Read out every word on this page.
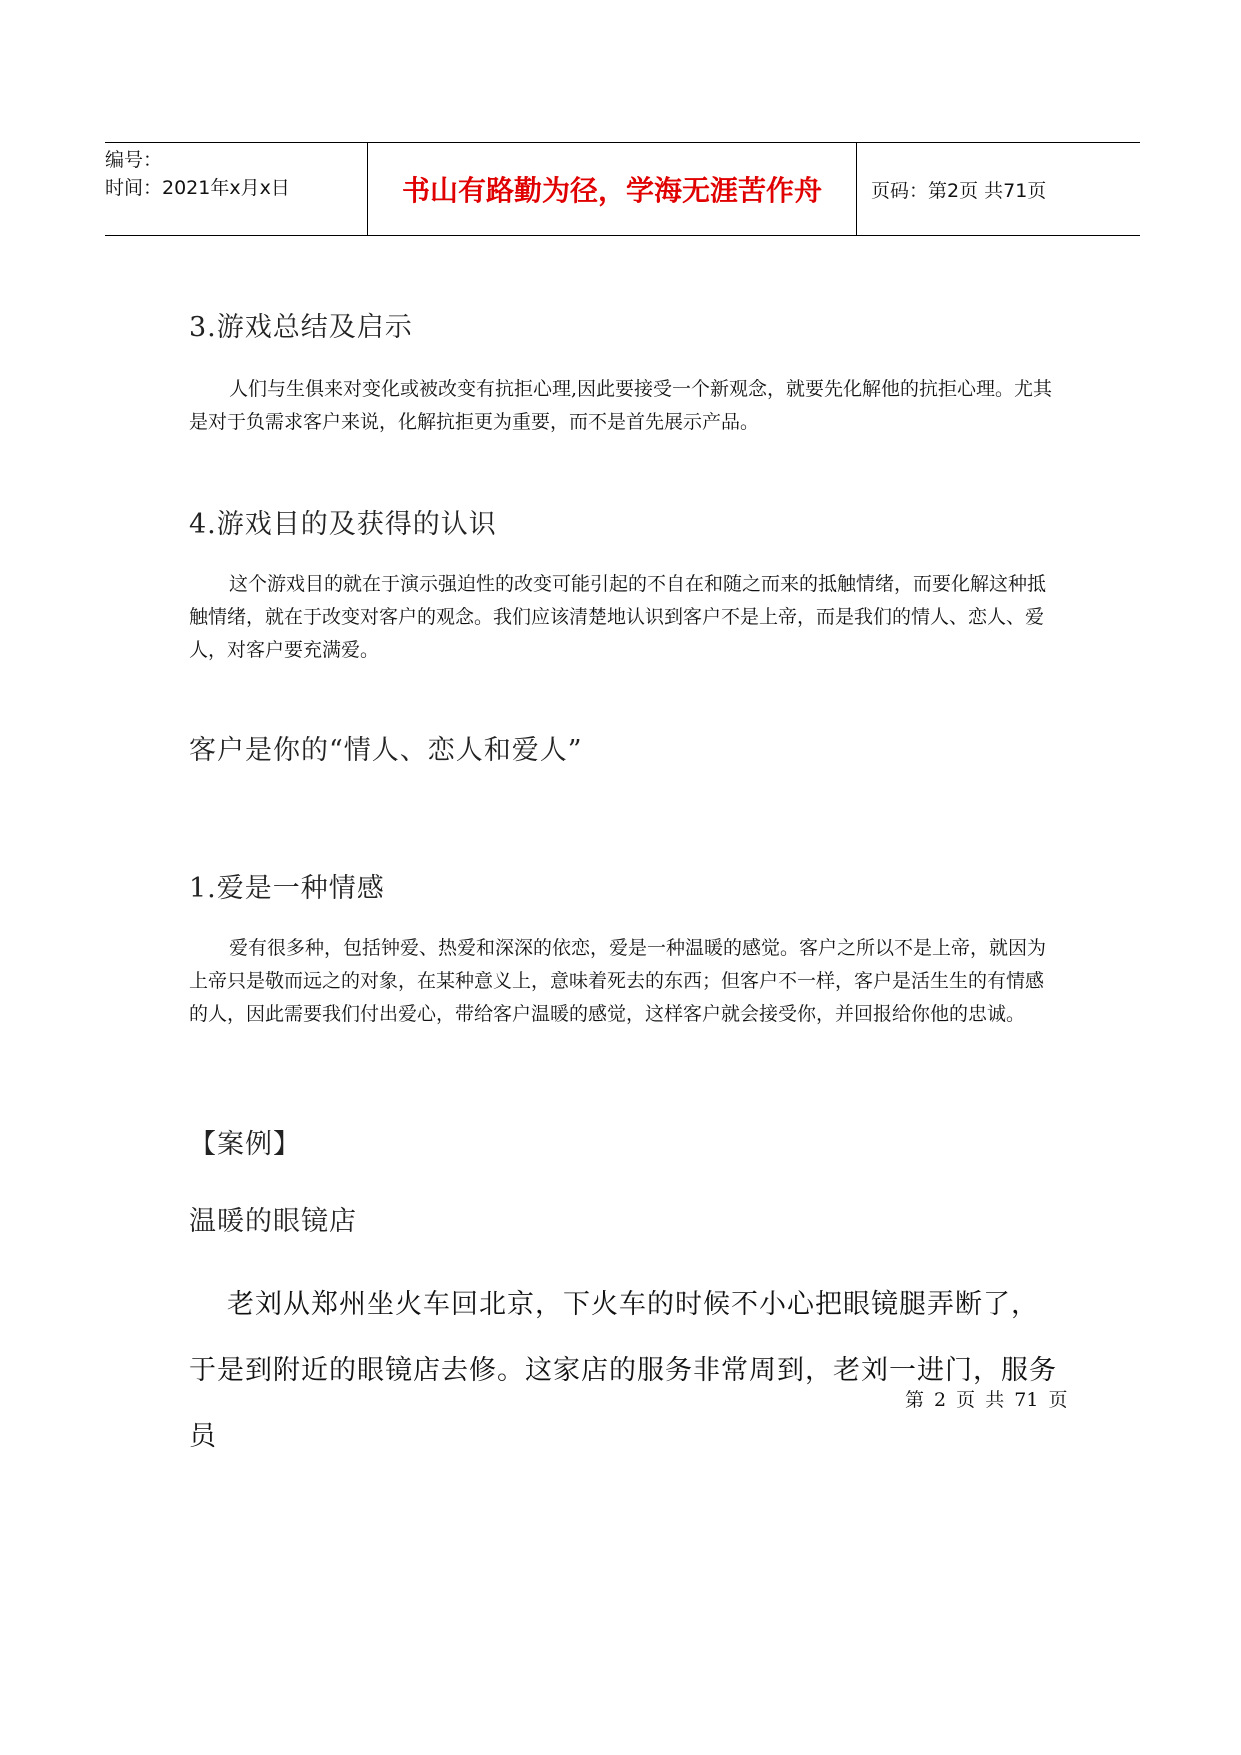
编号：
时间：2021年x月x日	书山有路勤为径，学海无涯苦作舟	页码：第2页 共71页
3.游戏总结及启示
人们与生俱来对变化或被改变有抗拒心理,因此要接受一个新观念，就要先化解他的抗拒心理。尤其是对于负需求客户来说，化解抗拒更为重要，而不是首先展示产品。
4.游戏目的及获得的认识
这个游戏目的就在于演示强迫性的改变可能引起的不自在和随之而来的抵触情绪，而要化解这种抵触情绪，就在于改变对客户的观念。我们应该清楚地认识到客户不是上帝，而是我们的情人、恋人、爱人，对客户要充满爱。
客户是你的“情人、恋人和爱人”
1.爱是一种情感
爱有很多种，包括钟爱、热爱和深深的依恋，爱是一种温暖的感觉。客户之所以不是上帝，就因为上帝只是敬而远之的对象，在某种意义上，意味着死去的东西；但客户不一样，客户是活生生的有情感的人，因此需要我们付出爱心，带给客户温暖的感觉，这样客户就会接受你，并回报给你他的忠诚。
【案例】
温暖的眼镜店
老刘从郑州坐火车回北京，下火车的时候不小心把眼镜腿弄断了，于是到附近的眼镜店去修。这家店的服务非常周到，老刘一进门，服务员
第 2 页 共 71 页
